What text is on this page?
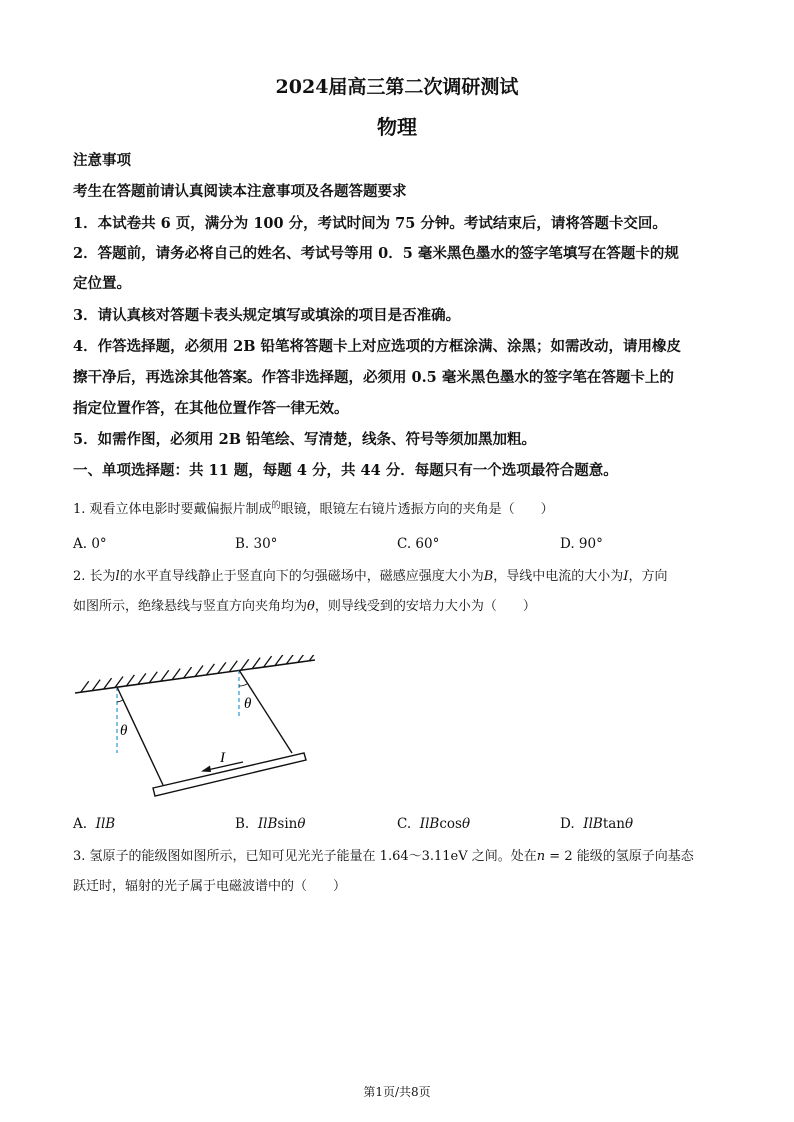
2024届高三第二次调研测试
物理
注意事项
考生在答题前请认真阅读本注意事项及各题答题要求
1．本试卷共 6 页，满分为 100 分，考试时间为 75 分钟。考试结束后，请将答题卡交回。
2．答题前，请务必将自己的姓名、考试号等用 0．5 毫米黑色墨水的签字笔填写在答题卡的规
定位置。
3．请认真核对答题卡表头规定填写或填涂的项目是否准确。
4．作答选择题，必须用 2B 铅笔将答题卡上对应选项的方框涂满、涂黑；如需改动，请用橡皮
擦干净后，再选涂其他答案。作答非选择题，必须用 0.5 毫米黑色墨水的签字笔在答题卡上的
指定位置作答，在其他位置作答一律无效。
5．如需作图，必须用 2B 铅笔绘、写清楚，线条、符号等须加黑加粗。
一、单项选择题：共 11 题，每题 4 分，共 44 分．每题只有一个选项最符合题意。
1. 观看立体电影时要戴偏振片制成$^的$眼镜，眼镜左右镜片透振方向的夹角是（　　）
A. 0°	B. 30°	C. 60°	D. 90°
2. 长为l的水平直导线静止于竖直向下的匀强磁场中，磁感应强度大小为B，导线中电流的大小为I，方向
如图所示，绝缘悬线与竖直方向夹角均为θ，则导线受到的安培力大小为（　　）
θ
θ
I
A. IlB	B. IlBsinθ	C. IlBcosθ	D. IlBtanθ
3. 氢原子的能级图如图所示，已知可见光光子能量在 1.64～3.11eV 之间。处在n = 2 能级的氢原子向基态
跃迁时，辐射的光子属于电磁波谱中的（　　）
第1页/共8页
